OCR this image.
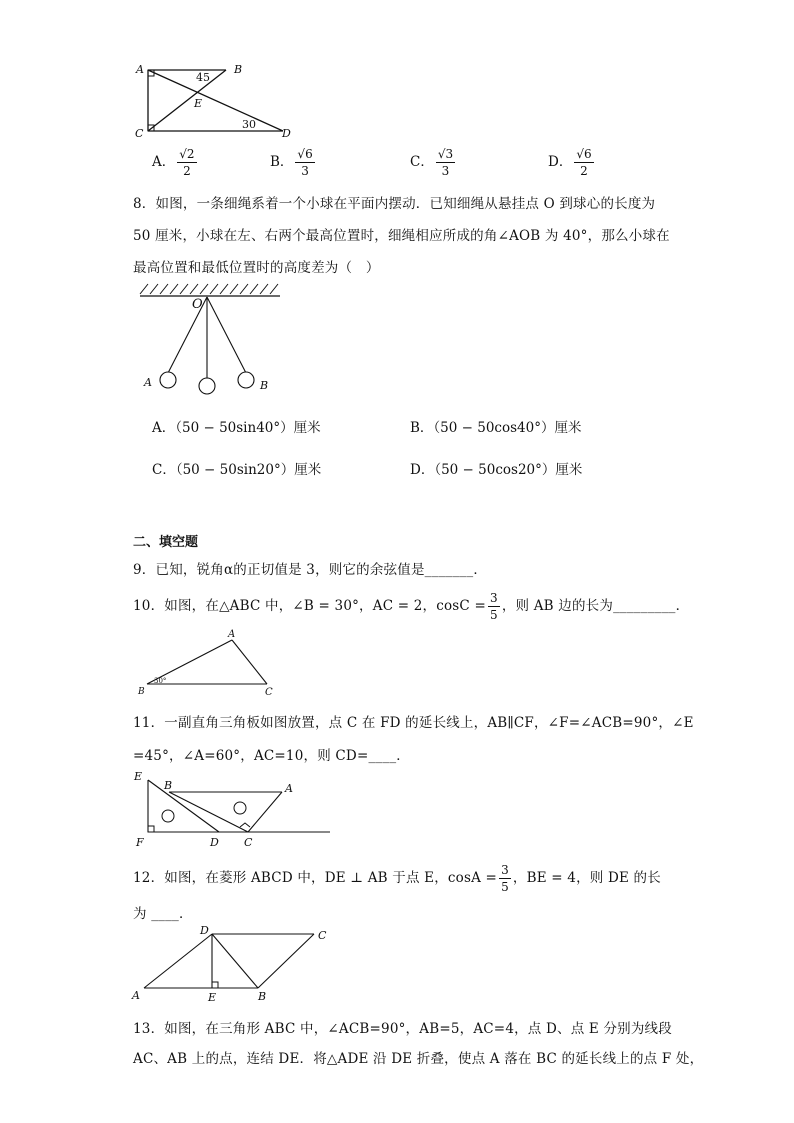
A	B
C	D
E
45
30
A． $\frac{√2}{2}$	B． $\frac{√6}{3}$	C． $\frac{√3}{3}$	D． $\frac{√6}{2}$
8．如图，一条细绳系着一个小球在平面内摆动．已知细绳从悬挂点 O 到球心的长度为
50 厘米，小球在左、右两个最高位置时，细绳相应所成的角∠AOB 为 40°，那么小球在
最高位置和最低位置时的高度差为（　）
O
A	B
A．（50 − 50sin40°）厘米	B．（50 − 50cos40°）厘米
C．（50 − 50sin20°）厘米	D．（50 − 50cos20°）厘米
二、填空题
9．已知，锐角α的正切值是 3，则它的余弦值是_______．
10．如图，在△ABC 中，∠B = 30°，AC = 2，$\cos C = \frac{3}{5}$ ，则 AB 边的长为_________．
A
B	C
30°
11．一副直角三角板如图放置，点 C 在 FD 的延长线上，AB∥CF，∠F=∠ACB=90°，∠E
=45°，∠A=60°，AC=10，则 CD=____．
E
B	A
F	D C
12．如图，在菱形 ABCD 中，DE ⊥ AB 于点 E，$\cos A = \frac{3}{5}$ ，BE = 4，则 DE 的长
为 ____．
D	C
A	E	B
13．如图，在三角形 ABC 中，∠ACB=90°，AB=5，AC=4，点 D、点 E 分别为线段
AC、AB 上的点，连结 DE．将△ADE 沿 DE 折叠，使点 A 落在 BC 的延长线上的点 F 处，
